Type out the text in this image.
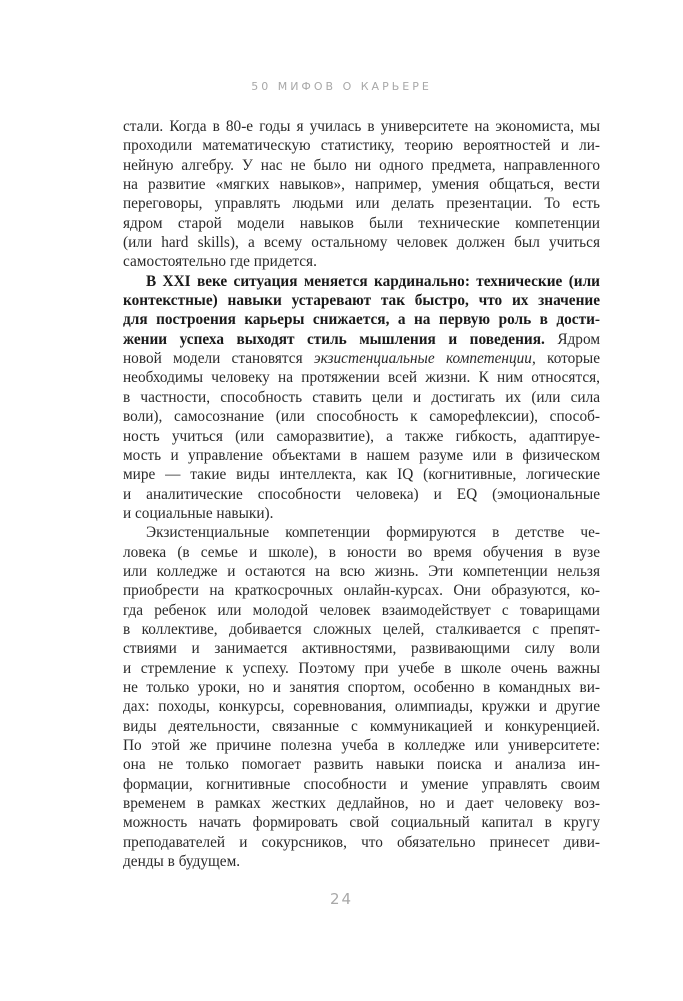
50 МИФОВ О КАРЬЕРЕ
стали. Когда в 80-е годы я училась в университете на экономиста, мы
проходили математическую статистику, теорию вероятностей и ли-
нейную алгебру. У нас не было ни одного предмета, направленного
на развитие «мягких навыков», например, умения общаться, вести
переговоры, управлять людьми или делать презентации. То есть
ядром старой модели навыков были технические компетенции
(или hard skills), а всему остальному человек должен был учиться
самостоятельно где придется.
В XXI веке ситуация меняется кардинально: технические (или
контекстные) навыки устаревают так быстро, что их значение
для построения карьеры снижается, а на первую роль в дости-
жении успеха выходят стиль мышления и поведения. Ядром
новой модели становятся экзистенциальные компетенции, которые
необходимы человеку на протяжении всей жизни. К ним относятся,
в частности, способность ставить цели и достигать их (или сила
воли), самосознание (или способность к саморефлексии), способ-
ность учиться (или саморазвитие), а также гибкость, адаптируе-
мость и управление объектами в нашем разуме или в физическом
мире — такие виды интеллекта, как IQ (когнитивные, логические
и аналитические способности человека) и EQ (эмоциональные
и социальные навыки).
Экзистенциальные компетенции формируются в детстве че-
ловека (в семье и школе), в юности во время обучения в вузе
или колледже и остаются на всю жизнь. Эти компетенции нельзя
приобрести на краткосрочных онлайн-курсах. Они образуются, ко-
гда ребенок или молодой человек взаимодействует с товарищами
в коллективе, добивается сложных целей, сталкивается с препят-
ствиями и занимается активностями, развивающими силу воли
и стремление к успеху. Поэтому при учебе в школе очень важны
не только уроки, но и занятия спортом, особенно в командных ви-
дах: походы, конкурсы, соревнования, олимпиады, кружки и другие
виды деятельности, связанные с коммуникацией и конкуренцией.
По этой же причине полезна учеба в колледже или университете:
она не только помогает развить навыки поиска и анализа ин-
формации, когнитивные способности и умение управлять своим
временем в рамках жестких дедлайнов, но и дает человеку воз-
можность начать формировать свой социальный капитал в кругу
преподавателей и сокурсников, что обязательно принесет диви-
денды в будущем.
24
